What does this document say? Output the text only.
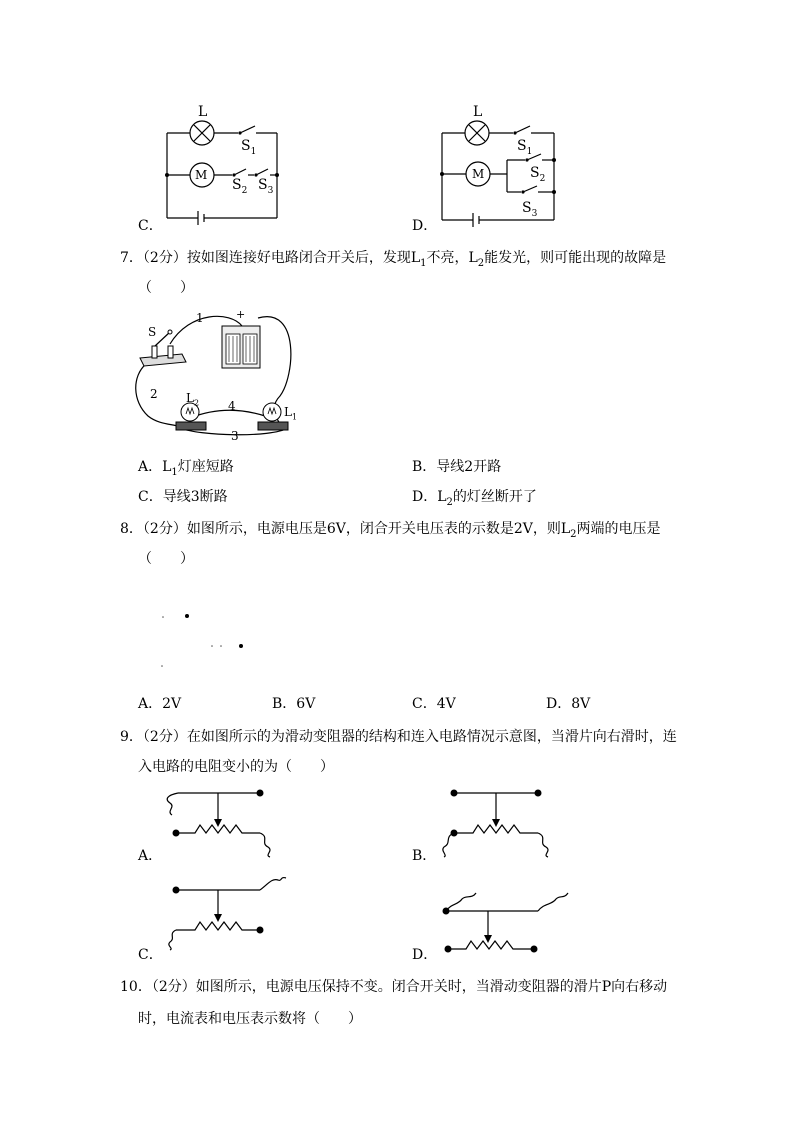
L
$S_1$
M
$S_2$ $S_3$
C．
L
$S_1$
M	$S_2$
$S_3$
D．
7．（2分）按如图连接好电路闭合开关后，发现$L_1$不亮，$L_2$能发光，则可能出现的故障是
（　　）
S
+
1
2
4
3
$L_2$
$L_1$
A．$L_1$灯座短路	B．导线2开路
C．导线3断路	D．$L_2$的灯丝断开了
8．（2分）如图所示，电源电压是6V，闭合开关电压表的示数是2V，则$L_2$两端的电压是
（　　）
A．2V	B．6V	C．4V	D．8V
9．（2分）在如图所示的为滑动变阻器的结构和连入电路情况示意图，当滑片向右滑时，连
入电路的电阻变小的为（　　）
A．	B．
C．	D．
10．（2分）如图所示，电源电压保持不变。闭合开关时，当滑动变阻器的滑片P向右移动
时，电流表和电压表示数将（　　）
